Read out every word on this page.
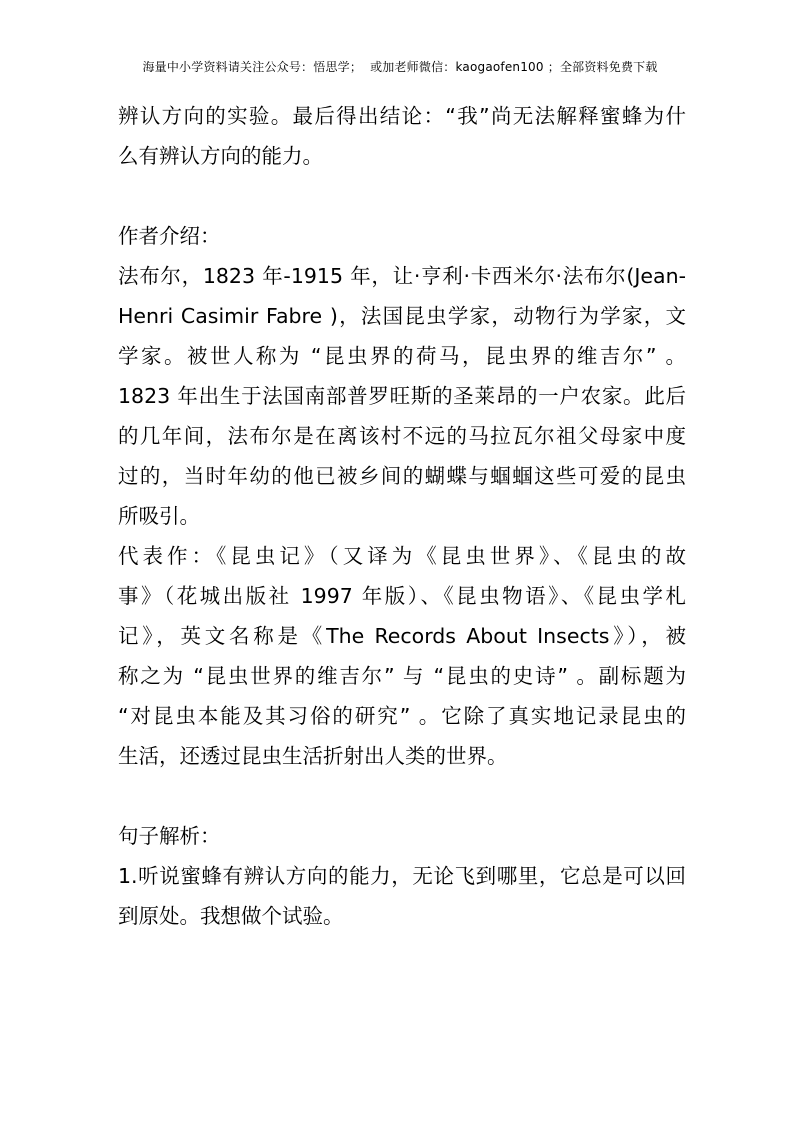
海量中小学资料请关注公众号：悟思学；  或加老师微信：kaogaofen100 ；全部资料免费下载
辨认方向的实验。最后得出结论：“我”尚无法解释蜜蜂为什
么有辨认方向的能力。
作者介绍：
法布尔，1823 年-1915 年，让·亨利·卡西米尔·法布尔(Jean-
Henri Casimir Fabre )，法国昆虫学家，动物行为学家，文
学家。被世人称为 “昆虫界的荷马，昆虫界的维吉尔” 。
1823 年出生于法国南部普罗旺斯的圣莱昂的一户农家。此后
的几年间，法布尔是在离该村不远的马拉瓦尔祖父母家中度
过的，当时年幼的他已被乡间的蝴蝶与蝈蝈这些可爱的昆虫
所吸引。
代表作：《昆虫记》（又译为《昆虫世界》、《昆虫的故
事》（花城出版社 1997 年版）、《昆虫物语》、《昆虫学札
记》，英文名称是《The Records About Insects》），被
称之为 “昆虫世界的维吉尔” 与 “昆虫的史诗” 。副标题为
“对昆虫本能及其习俗的研究” 。它除了真实地记录昆虫的
生活，还透过昆虫生活折射出人类的世界。
句子解析：
1.听说蜜蜂有辨认方向的能力，无论飞到哪里，它总是可以回
到原处。我想做个试验。
